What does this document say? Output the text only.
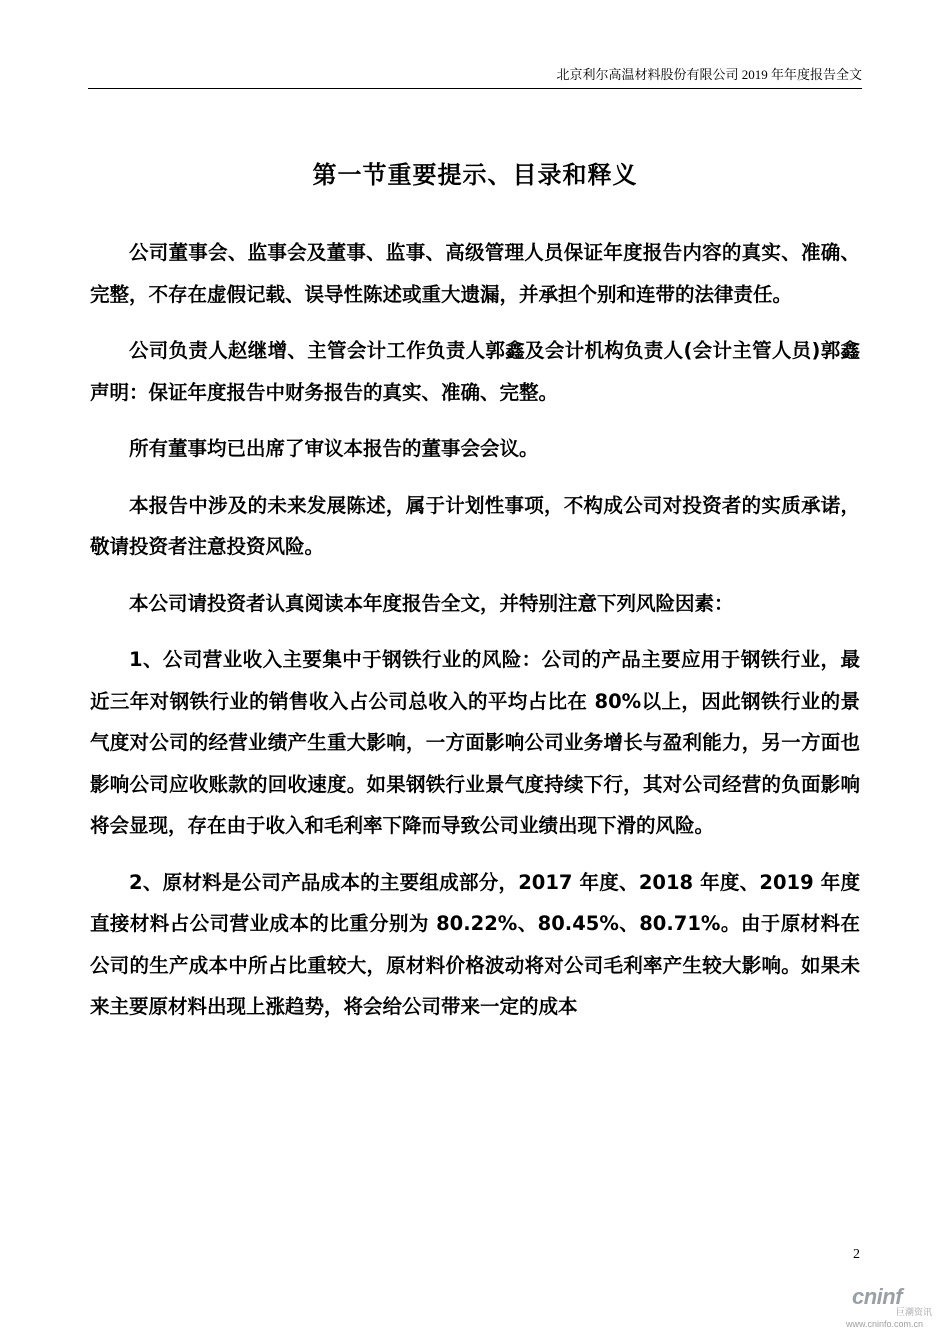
北京利尔高温材料股份有限公司 2019 年年度报告全文
第一节重要提示、目录和释义

公司董事会、监事会及董事、监事、高级管理人员保证年度报告内容的真实、准确、完整，不存在虚假记载、误导性陈述或重大遗漏，并承担个别和连带的法律责任。

公司负责人赵继增、主管会计工作负责人郭鑫及会计机构负责人(会计主管人员)郭鑫声明：保证年度报告中财务报告的真实、准确、完整。

所有董事均已出席了审议本报告的董事会会议。

本报告中涉及的未来发展陈述，属于计划性事项，不构成公司对投资者的实质承诺，敬请投资者注意投资风险。

本公司请投资者认真阅读本年度报告全文，并特别注意下列风险因素：

1、公司营业收入主要集中于钢铁行业的风险：公司的产品主要应用于钢铁行业，最近三年对钢铁行业的销售收入占公司总收入的平均占比在 80%以上，因此钢铁行业的景气度对公司的经营业绩产生重大影响，一方面影响公司业务增长与盈利能力，另一方面也影响公司应收账款的回收速度。如果钢铁行业景气度持续下行，其对公司经营的负面影响将会显现，存在由于收入和毛利率下降而导致公司业绩出现下滑的风险。

2、原材料是公司产品成本的主要组成部分，2017 年度、2018 年度、2019 年度直接材料占公司营业成本的比重分别为 80.22%、80.45%、80.71%。由于原材料在公司的生产成本中所占比重较大，原材料价格波动将对公司毛利率产生较大影响。如果未来主要原材料出现上涨趋势，将会给公司带来一定的成本

2
cninf
巨潮资讯
www.cninfo.com.cn
